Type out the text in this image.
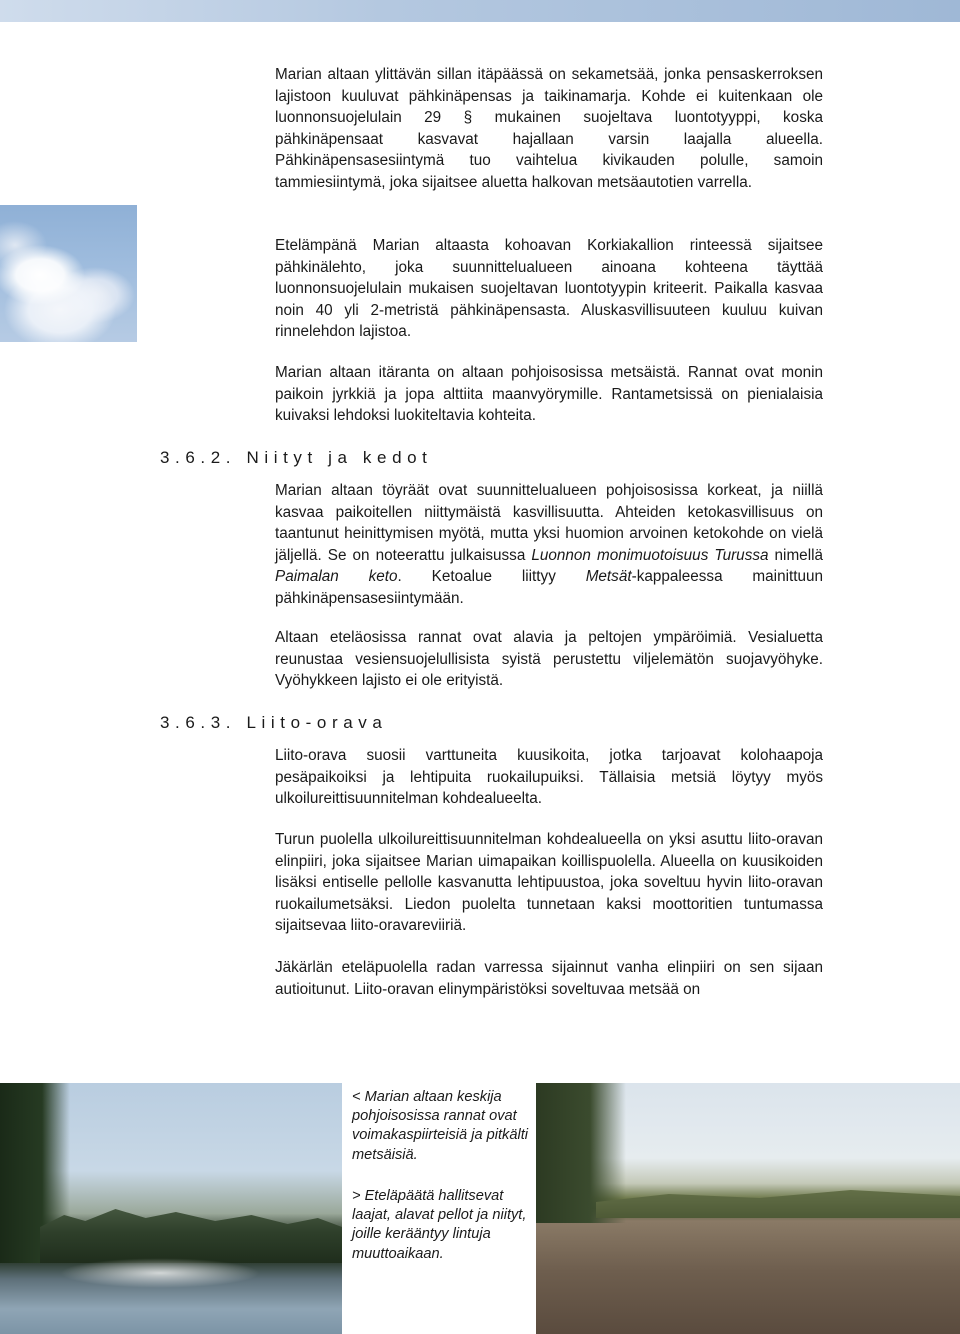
Marian altaan ylittävän sillan itäpäässä on sekametsää, jonka pensaskerroksen lajistoon kuuluvat pähkinäpensas ja taikinamarja. Kohde ei kuitenkaan ole luonnonsuojelulain 29 § mukainen suojeltava luontotyyppi, koska pähkinäpensaat kasvavat hajallaan varsin laajalla alueella. Pähkinäpensasesiintymä tuo vaihtelua kivikauden polulle, samoin tammiesiintymä, joka sijaitsee aluetta halkovan metsäautotien varrella.

Etelämpänä Marian altaasta kohoavan Korkiakallion rinteessä sijaitsee pähkinälehto, joka suunnittelualueen ainoana kohteena täyttää luonnonsuojelulain mukaisen suojeltavan luontotyypin kriteerit. Paikalla kasvaa noin 40 yli 2-metristä pähkinäpensasta. Aluskasvillisuuteen kuuluu kuivan rinnelehdon lajistoa.

Marian altaan itäranta on altaan pohjoisosissa metsäistä. Rannat ovat monin paikoin jyrkkiä ja jopa alttiita maanvyörymille. Rantametsissä on pienialaisia kuivaksi lehdoksi luokiteltavia kohteita.

3.6.2. Niityt ja kedot

Marian altaan töyräät ovat suunnittelualueen pohjoisosissa korkeat, ja niillä kasvaa paikoitellen niittymäistä kasvillisuutta. Ahteiden ketokasvillisuus on taantunut heinittymisen myötä, mutta yksi huomion arvoinen ketokohde on vielä jäljellä. Se on noteerattu julkaisussa Luonnon monimuotoisuus Turussa nimellä Paimalan keto. Ketoalue liittyy Metsät-kappaleessa mainittuun pähkinäpensasesiintymään.

Altaan eteläosissa rannat ovat alavia ja peltojen ympäröimiä. Vesialuetta reunustaa vesiensuojelullisista syistä perustettu viljelemätön suojavyöhyke. Vyöhykkeen lajisto ei ole erityistä.

3.6.3. Liito-orava

Liito-orava suosii varttuneita kuusikoita, jotka tarjoavat kolohaapoja pesäpaikoiksi ja lehtipuita ruokailupuiksi. Tällaisia metsiä löytyy myös ulkoilureittisuunnitelman kohdealueelta.

Turun puolella ulkoilureittisuunnitelman kohdealueella on yksi asuttu liito-oravan elinpiiri, joka sijaitsee Marian uimapaikan koillispuolella. Alueella on kuusikoiden lisäksi entiselle pellolle kasvanutta lehtipuustoa, joka soveltuu hyvin liito-oravan ruokailumetsäksi. Liedon puolelta tunnetaan kaksi moottoritien tuntumassa sijaitsevaa liito-oravareviiriä.

Jäkärlän eteläpuolella radan varressa sijainnut vanha elinpiiri on sen sijaan autioitunut. Liito-oravan elinympäristöksi soveltuvaa metsää on

< Marian altaan keskija pohjoisosissa rannat ovat voimakaspiirteisiä ja pitkälti metsäisiä.

> Eteläpäätä hallitsevat laajat, alavat pellot ja niityt, joille kerääntyy lintuja muuttoaikaan.
